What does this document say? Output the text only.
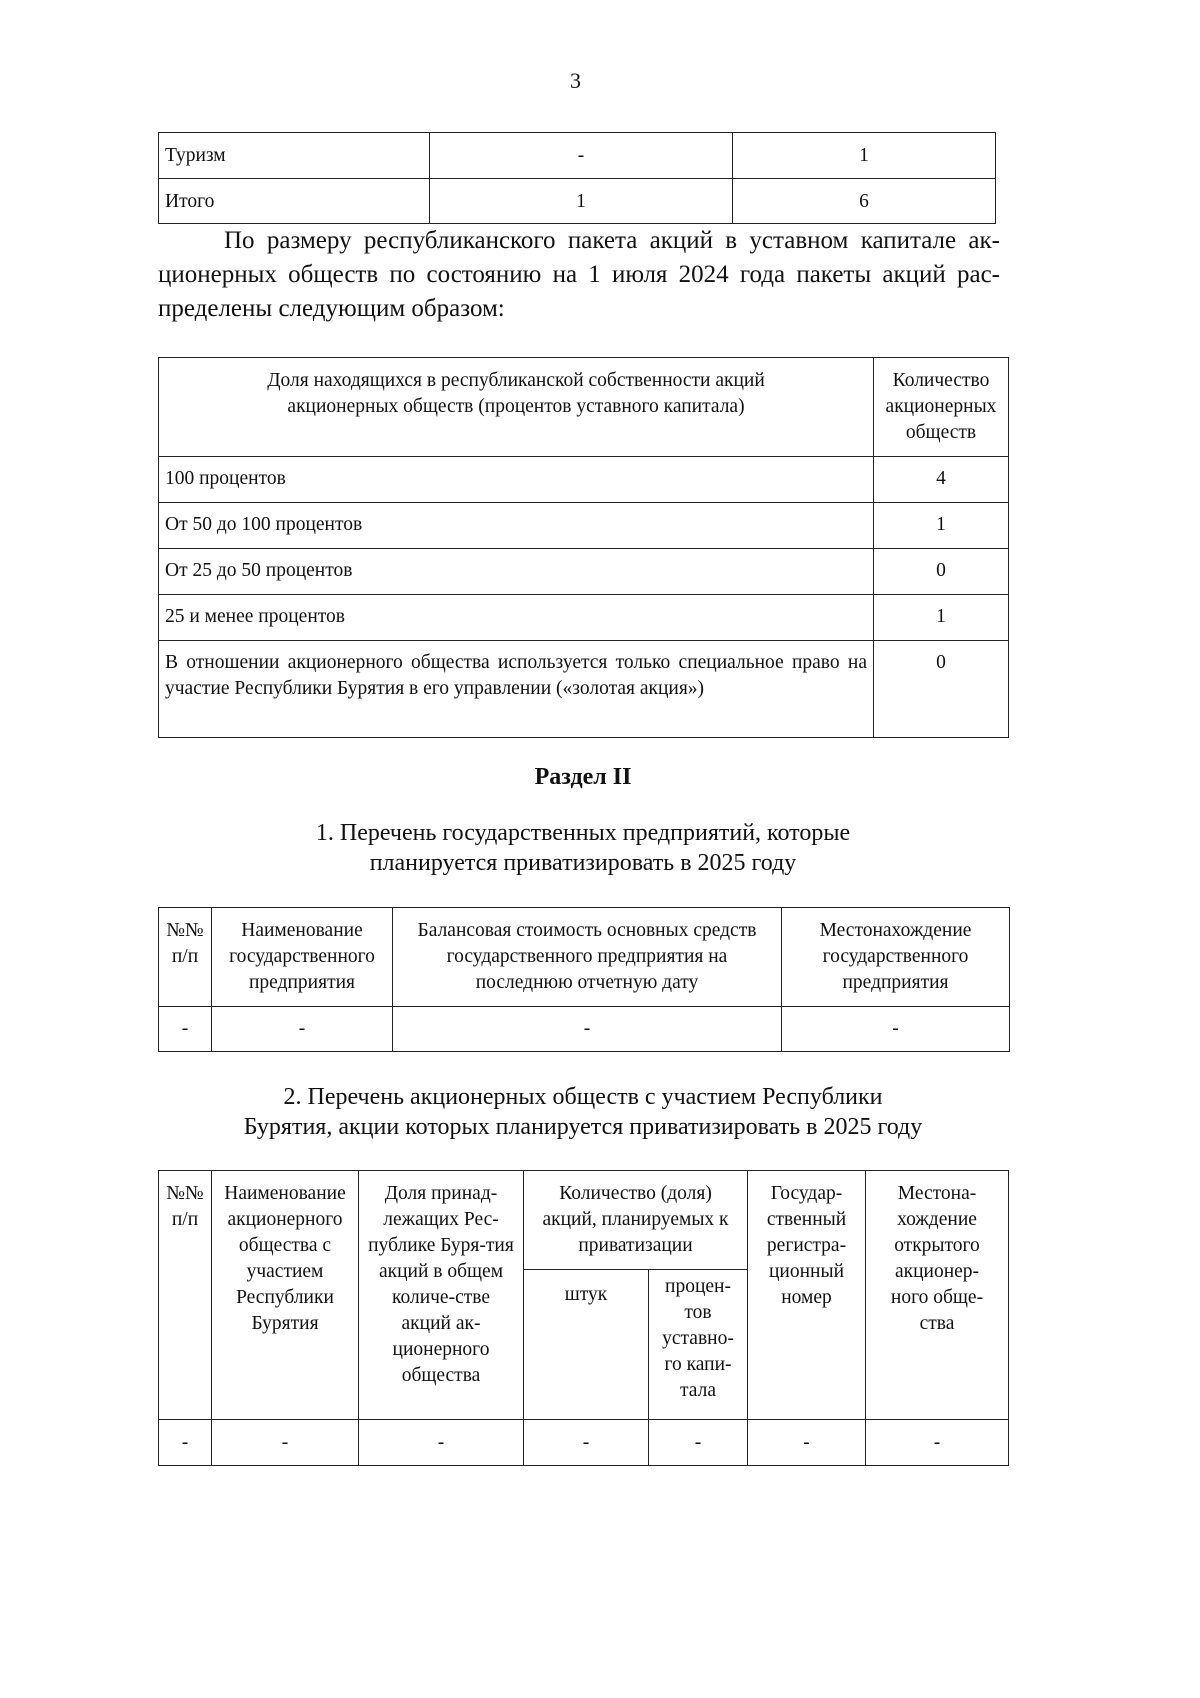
3
Туризм	-	1
Итого	1	6
По размеру республиканского пакета акций в уставном капитале ак-
ционерных обществ по состоянию на 1 июля 2024 года пакеты акций рас-
пределены следующим образом:
Доля находящихся в республиканской собственности акций акционерных обществ (процентов уставного капитала)	Количество акционерных обществ
100 процентов	4
От 50 до 100 процентов	1
От 25 до 50 процентов	0
25 и менее процентов	1
В отношении акционерного общества используется только специальное право на участие Республики Бурятия в его управлении («золотая акция»)	0
Раздел II
1. Перечень государственных предприятий, которые
планируется приватизировать в 2025 году
№№ п/п	Наименование государственного предприятия	Балансовая стоимость основных средств государственного предприятия на последнюю отчетную дату	Местонахождение государственного предприятия
-	-	-	-
2. Перечень акционерных обществ с участием Республики
Бурятия, акции которых планируется приватизировать в 2025 году
№№ п/п	Наименование акционерного общества с участием Республики Бурятия	Доля принад-лежащих Рес-публике Буря-тия акций в общем количе-стве акций ак-ционерного общества	Количество (доля) акций, планируемых к приватизации		Государ-ственный регистра-ционный номер	Местона-хождение открытого акционер-ного обще-ства
			штук	процен-тов уставно-го капи-тала		
-	-	-	-	-	-	-
